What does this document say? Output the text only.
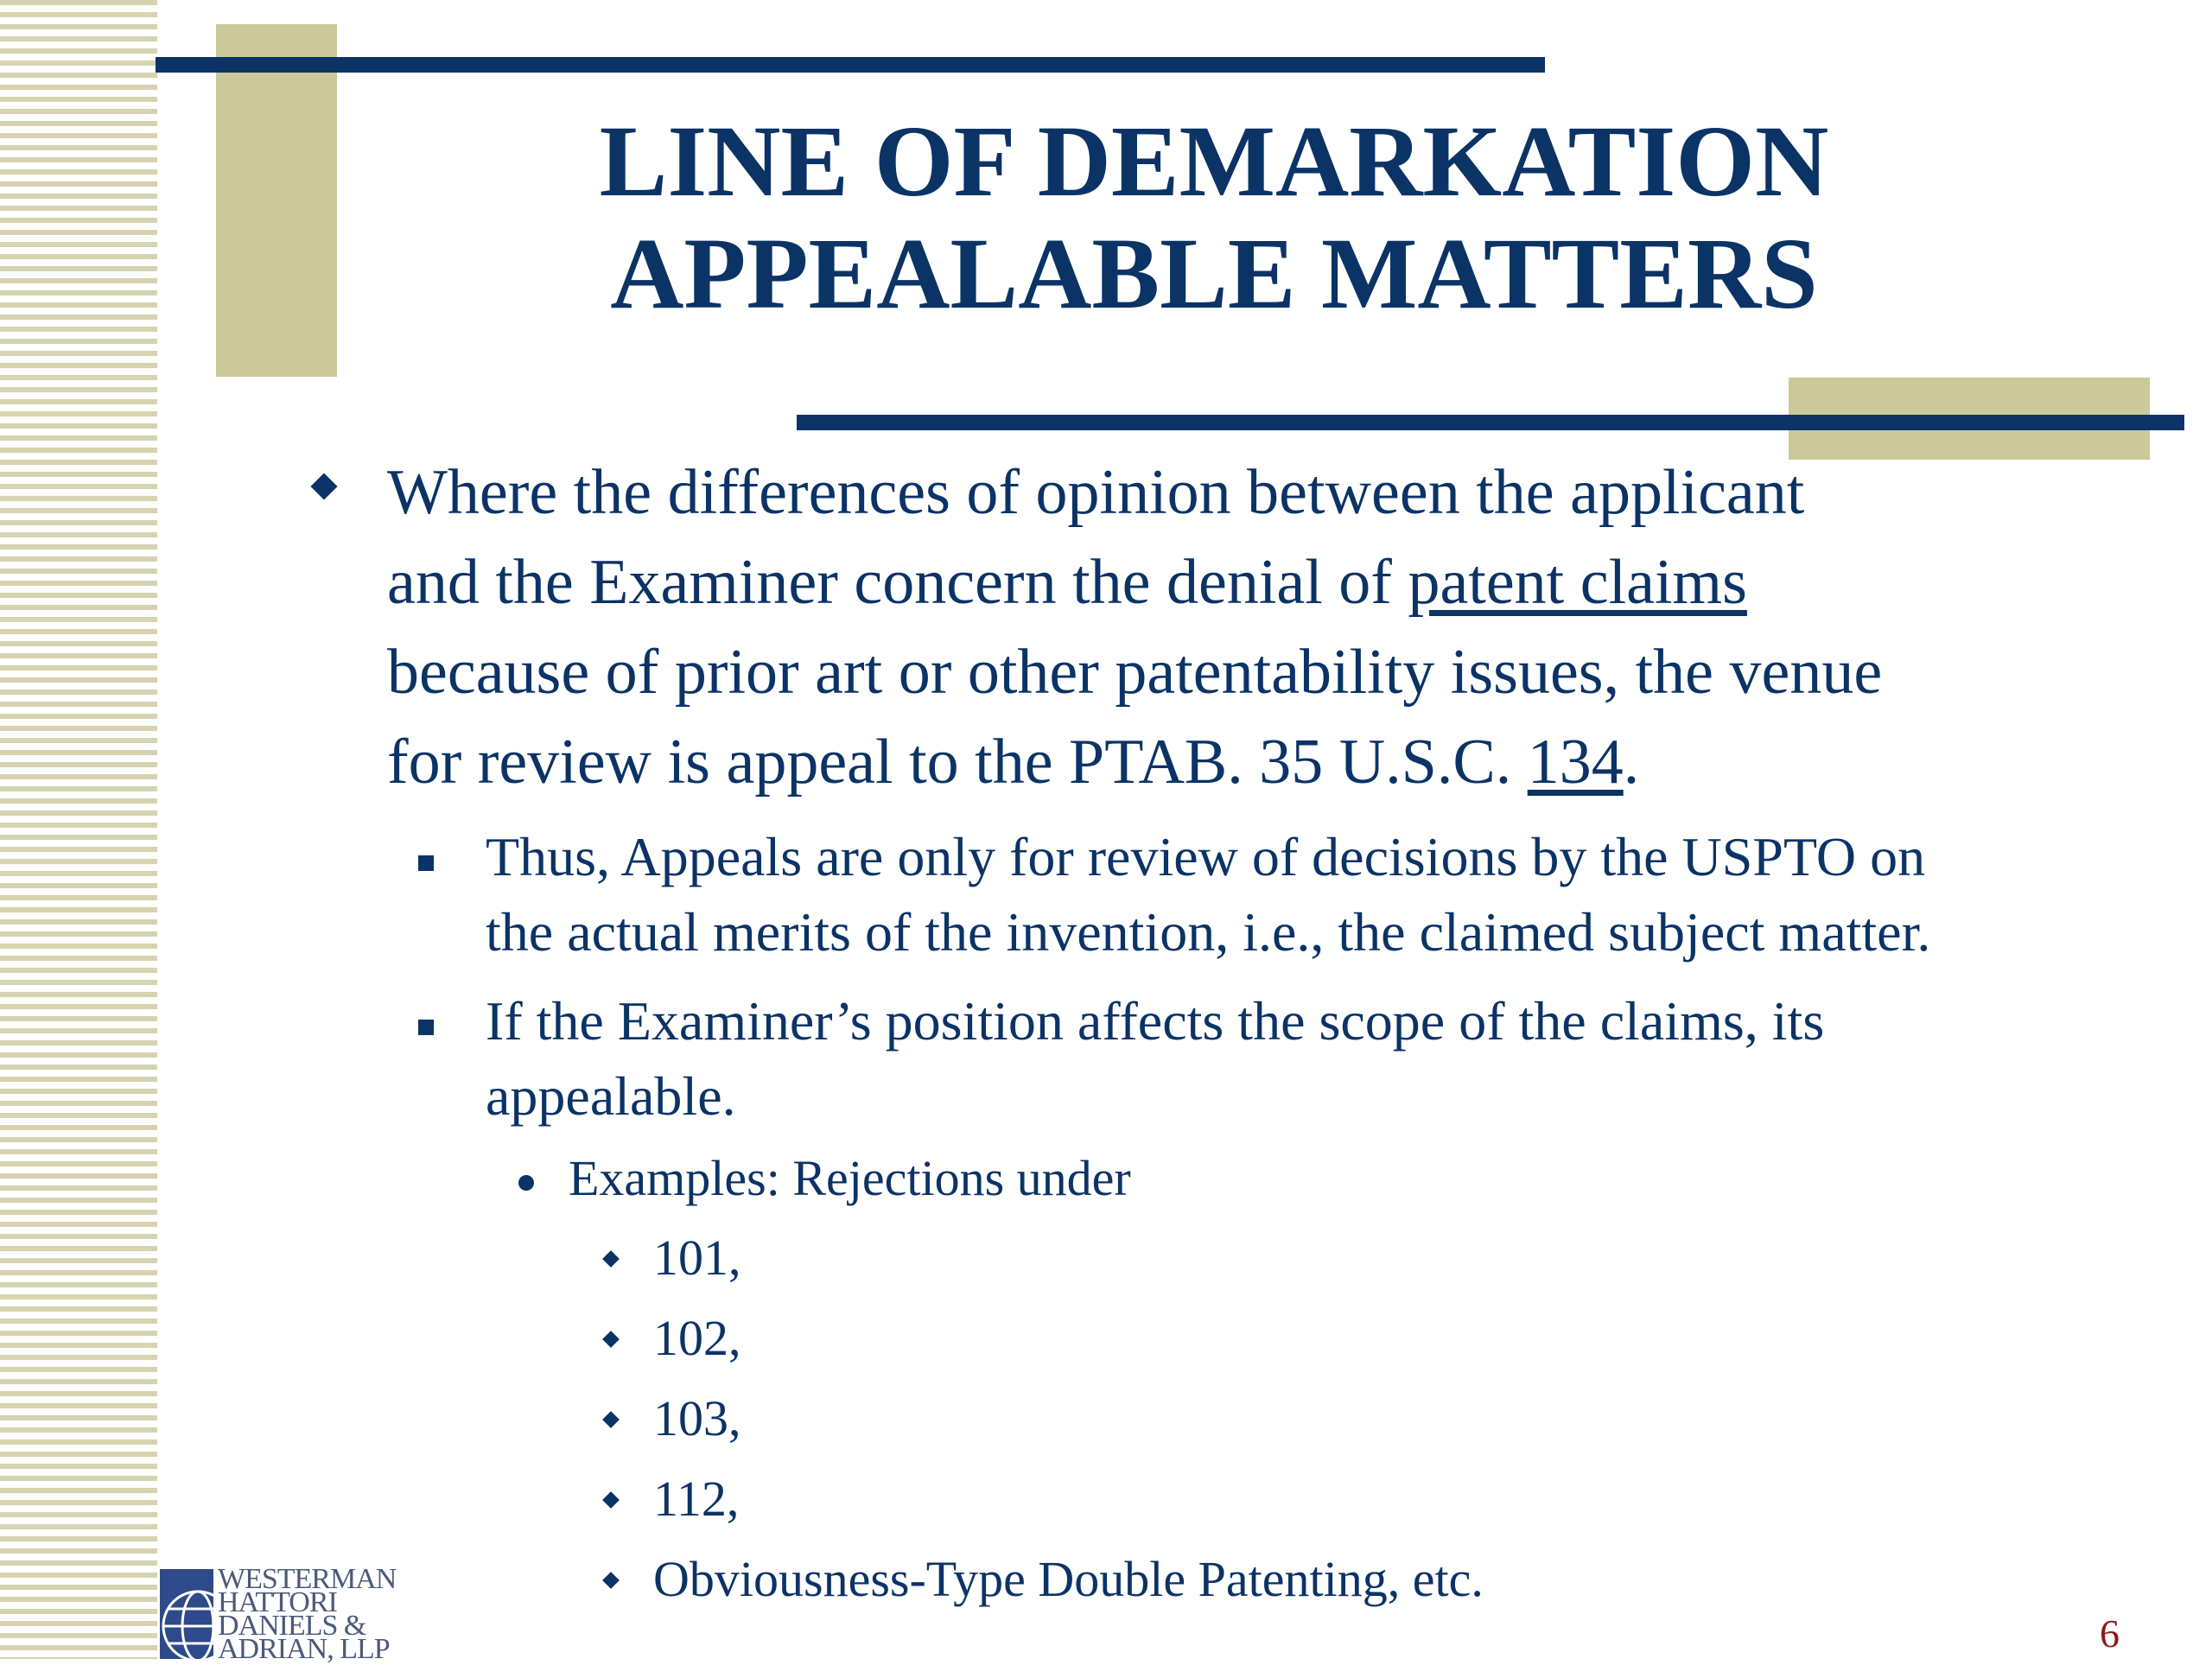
LINE OF DEMARKATION
APPEALABLE MATTERS
Where the differences of opinion between the applicant
and the Examiner concern the denial of patent claims
because of prior art or other patentability issues, the venue
for review is appeal to the PTAB. 35 U.S.C. 134.
Thus, Appeals are only for review of decisions by the USPTO on
the actual merits of the invention, i.e., the claimed subject matter.
If the Examiner’s position affects the scope of the claims, its
appealable.
Examples: Rejections under
101,
102,
103,
112,
Obviousness-Type Double Patenting, etc.
WESTERMAN
HATTORI
DANIELS &
ADRIAN, LLP	6
